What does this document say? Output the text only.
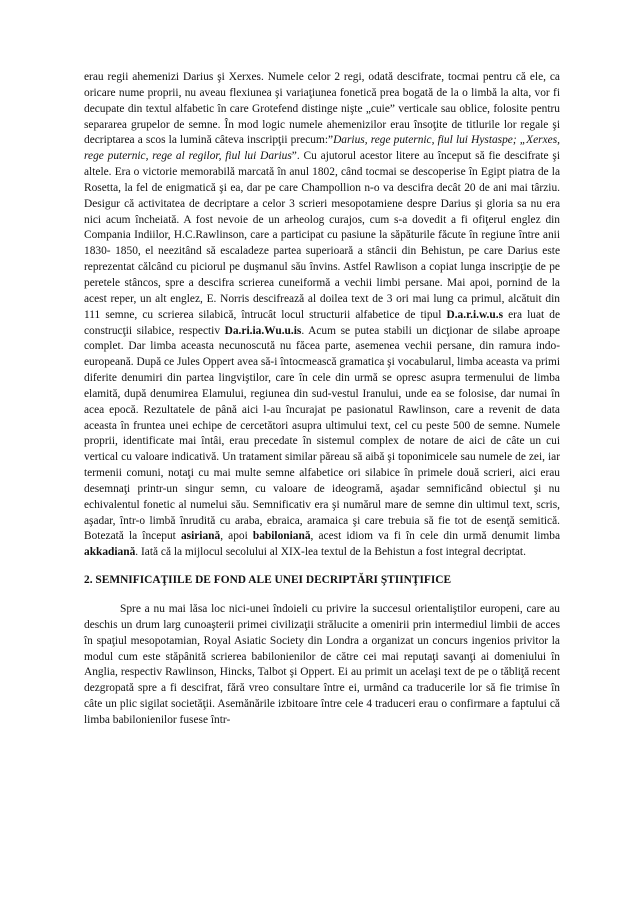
erau regii ahemenizi Darius şi Xerxes. Numele celor 2 regi, odată descifrate, tocmai pentru că ele, ca oricare nume proprii, nu aveau flexiunea şi variaţiunea fonetică prea bogată de la o limbă la alta, vor fi decupate din textul alfabetic în care Grotefend distinge nişte „cuie” verticale sau oblice, folosite pentru separarea grupelor de semne. În mod logic numele ahemenizilor erau însoţite de titlurile lor regale şi decriptarea a scos la lumină câteva inscripţii precum:”Darius, rege puternic, fiul lui Hystaspe; „Xerxes, rege puternic, rege al regilor, fiul lui Darius”. Cu ajutorul acestor litere au început să fie descifrate şi altele. Era o victorie memorabilă marcată în anul 1802, când tocmai se descoperise în Egipt piatra de la Rosetta, la fel de enigmatică şi ea, dar pe care Champollion n-o va descifra decât 20 de ani mai târziu. Desigur că activitatea de decriptare a celor 3 scrieri mesopotamiene despre Darius şi gloria sa nu era nici acum încheiată. A fost nevoie de un arheolog curajos, cum s-a dovedit a fi ofiţerul englez din Compania Indiilor, H.C.Rawlinson, care a participat cu pasiune la săpăturile făcute în regiune între anii 1830- 1850, el neezitând să escaladeze partea superioară a stâncii din Behistun, pe care Darius este reprezentat călcând cu piciorul pe duşmanul său învins. Astfel Rawlison a copiat lunga inscripţie de pe peretele stâncos, spre a descifra scrierea cuneiformă a vechii limbi persane. Mai apoi, pornind de la acest reper, un alt englez, E. Norris descifrează al doilea text de 3 ori mai lung ca primul, alcătuit din 111 semne, cu scrierea silabică, întrucât locul structurii alfabetice de tipul D.a.r.i.w.u.s era luat de construcţii silabice, respectiv Da.ri.ia.Wu.u.is. Acum se putea stabili un dicţionar de silabe aproape complet. Dar limba aceasta necunoscută nu făcea parte, asemenea vechii persane, din ramura indo-europeană. După ce Jules Oppert avea să-i întocmească gramatica şi vocabularul, limba aceasta va primi diferite denumiri din partea lingviştilor, care în cele din urmă se opresc asupra termenului de limba elamită, după denumirea Elamului, regiunea din sud-vestul Iranului, unde ea se folosise, dar numai în acea epocă. Rezultatele de până aici l-au încurajat pe pasionatul Rawlinson, care a revenit de data aceasta în fruntea unei echipe de cercetători asupra ultimului text, cel cu peste 500 de semne. Numele proprii, identificate mai întâi, erau precedate în sistemul complex de notare de aici de câte un cui vertical cu valoare indicativă. Un tratament similar păreau să aibă şi toponimicele sau numele de zei, iar termenii comuni, notaţi cu mai multe semne alfabetice ori silabice în primele două scrieri, aici erau desemnaţi printr-un singur semn, cu valoare de ideogramă, aşadar semnificând obiectul şi nu echivalentul fonetic al numelui său. Semnificativ era şi numărul mare de semne din ultimul text, scris, aşadar, într-o limbă înrudită cu araba, ebraica, aramaica şi care trebuia să fie tot de esenţă semitică. Botezată la început asiriană, apoi babiloniană, acest idiom va fi în cele din urmă denumit limba akkadiană. Iată că la mijlocul secolului al XIX-lea textul de la Behistun a fost integral decriptat.

2. SEMNIFICAŢIILE DE FOND ALE UNEI DECRIPTĂRI ŞTIINŢIFICE

Spre a nu mai lăsa loc nici-unei îndoieli cu privire la succesul orientaliştilor europeni, care au deschis un drum larg cunoaşterii primei civilizaţii strălucite a omenirii prin intermediul limbii de acces în spaţiul mesopotamian, Royal Asiatic Society din Londra a organizat un concurs ingenios privitor la modul cum este stăpânită scrierea babilonienilor de către cei mai reputaţi savanţi ai domeniului în Anglia, respectiv Rawlinson, Hincks, Talbot şi Oppert. Ei au primit un acelaşi text de pe o tăbliţă recent dezgropată spre a fi descifrat, fără vreo consultare între ei, urmând ca traducerile lor să fie trimise în câte un plic sigilat societăţii. Asemănările izbitoare între cele 4 traduceri erau o confirmare a faptului că limba babilonienilor fusese într-
